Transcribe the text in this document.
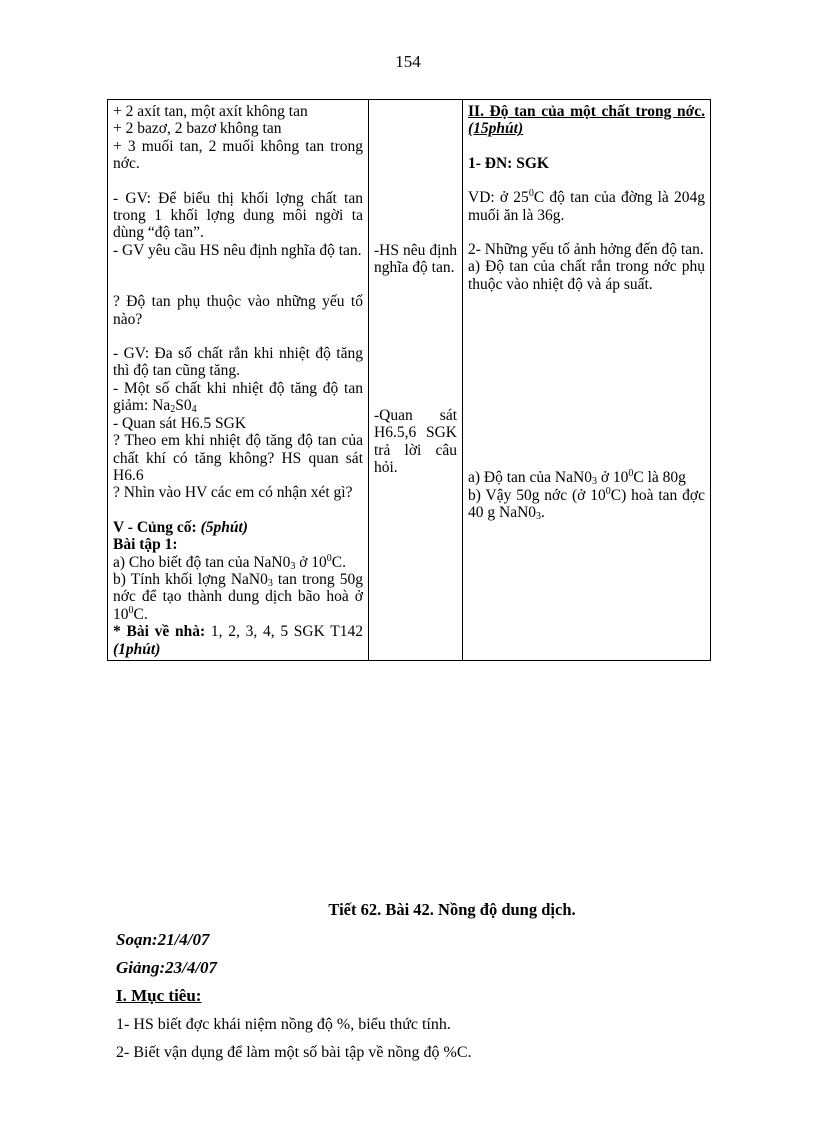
154
+ 2 axít tan, một axít không tan
+ 2 bazơ, 2 bazơ không tan
+ 3 muối tan, 2 muối không tan trong nớc.
- GV: Để biểu thị khối lợng chất tan trong 1 khối lợng dung môi ngời ta dùng “độ tan”.
- GV yêu cầu HS nêu định nghĩa độ tan.
? Độ tan phụ thuộc vào những yếu tố nào?
- GV: Đa số chất rắn khi nhiệt độ tăng thì độ tan cũng tăng.
- Một số chất khi nhiệt độ tăng độ tan giảm: $Na_2S0_4$
- Quan sát H6.5 SGK
? Theo em khi nhiệt độ tăng độ tan của chất khí có tăng không? HS quan sát H6.6
? Nhìn vào HV các em có nhận xét gì?
V - Củng cố: (5phút)
Bài tập 1:
a) Cho biết độ tan của $NaN0_3$ ở $10^0C$.
b) Tính khối lợng $NaN0_3$ tan trong 50g nớc để tạo thành dung dịch bão hoà ở $10^0C$.
* Bài về nhà: 1, 2, 3, 4, 5 SGK T142 (1phút)

-HS nêu định nghĩa độ tan.
-Quan sát H6.5,6 SGK trả lời câu hỏi.

II. Độ tan của một chất trong nớc. (15phút)
1- ĐN: SGK
VD: ở $25^0C$ độ tan của đờng là 204g muối ăn là 36g.
2- Những yếu tố ảnh hởng đến độ tan.
a) Độ tan của chất rắn trong nớc phụ thuộc vào nhiệt độ và áp suất.
a) Độ tan của $NaN0_3$ ở $10^0C$ là 80g
b) Vậy 50g nớc (ở $10^0C$) hoà tan đợc 40 g $NaN0_3$.
Tiết 62. Bài 42. Nồng độ dung dịch.
Soạn:21/4/07
Giảng:23/4/07
I. Mục tiêu:
1- HS biết đợc khái niệm nồng độ %, biểu thức tính.
2- Biết vận dụng để làm một số bài tập về nồng độ %C.
